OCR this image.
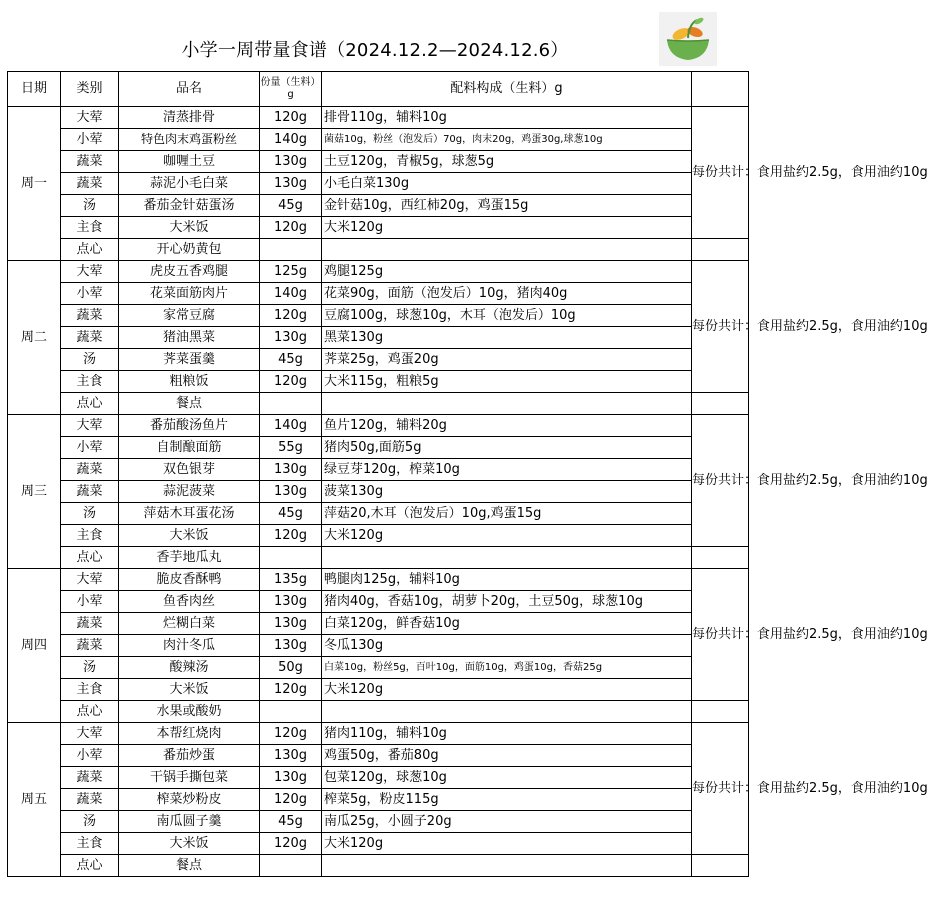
小学一周带量食谱（2024.12.2—2024.12.6）
日期	类别	品名	份量（生料）g	配料构成（生料）g	
周一	大荤	清蒸排骨	120g	排骨110g，辅料10g	每份共计：食用盐约2.5g，食用油约10g
	小荤	特色肉末鸡蛋粉丝	140g	菌菇10g，粉丝（泡发后）70g，肉末20g，鸡蛋30g,球葱10g	
	蔬菜	咖喱土豆	130g	土豆120g，青椒5g，球葱5g	
	蔬菜	蒜泥小毛白菜	130g	小毛白菜130g	
	汤	番茄金针菇蛋汤	45g	金针菇10g，西红柿20g，鸡蛋15g	
	主食	大米饭	120g	大米120g	
	点心	开心奶黄包			
周二	大荤	虎皮五香鸡腿	125g	鸡腿125g	每份共计：食用盐约2.5g，食用油约10g
	小荤	花菜面筋肉片	140g	花菜90g，面筋（泡发后）10g，猪肉40g	
	蔬菜	家常豆腐	120g	豆腐100g，球葱10g，木耳（泡发后）10g	
	蔬菜	猪油黑菜	130g	黑菜130g	
	汤	荠菜蛋羹	45g	荠菜25g，鸡蛋20g	
	主食	粗粮饭	120g	大米115g，粗粮5g	
	点心	餐点			
周三	大荤	番茄酸汤鱼片	140g	鱼片120g，辅料20g	每份共计：食用盐约2.5g，食用油约10g
	小荤	自制酿面筋	55g	猪肉50g,面筋5g	
	蔬菜	双色银芽	130g	绿豆芽120g，榨菜10g	
	蔬菜	蒜泥菠菜	130g	菠菜130g	
	汤	萍菇木耳蛋花汤	45g	萍菇20,木耳（泡发后）10g,鸡蛋15g	
	主食	大米饭	120g	大米120g	
	点心	香芋地瓜丸			
周四	大荤	脆皮香酥鸭	135g	鸭腿肉125g，辅料10g	每份共计：食用盐约2.5g，食用油约10g
	小荤	鱼香肉丝	130g	猪肉40g，香菇10g，胡萝卜20g，土豆50g，球葱10g	
	蔬菜	烂糊白菜	130g	白菜120g，鲜香菇10g	
	蔬菜	肉汁冬瓜	130g	冬瓜130g	
	汤	酸辣汤	50g	白菜10g，粉丝5g，百叶10g，面筋10g，鸡蛋10g，香菇25g	
	主食	大米饭	120g	大米120g	
	点心	水果或酸奶			
周五	大荤	本帮红烧肉	120g	猪肉110g，辅料10g	每份共计：食用盐约2.5g，食用油约10g
	小荤	番茄炒蛋	130g	鸡蛋50g，番茄80g	
	蔬菜	干锅手撕包菜	130g	包菜120g，球葱10g	
	蔬菜	榨菜炒粉皮	120g	榨菜5g，粉皮115g	
	汤	南瓜圆子羹	45g	南瓜25g，小圆子20g	
	主食	大米饭	120g	大米120g	
	点心	餐点			
